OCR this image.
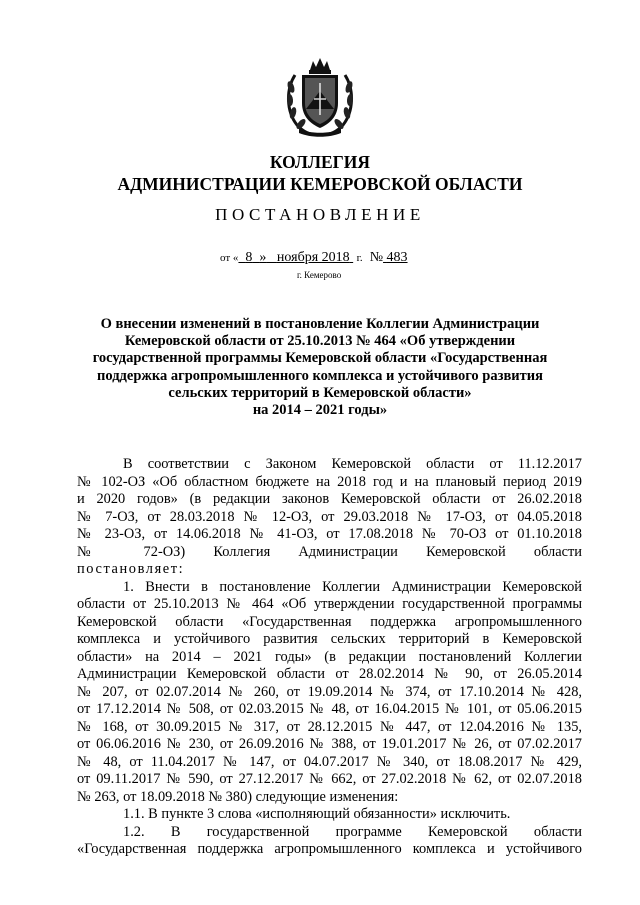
КОЛЛЕГИЯ
АДМИНИСТРАЦИИ КЕМЕРОВСКОЙ ОБЛАСТИ
ПОСТАНОВЛЕНИЕ
от « 8 » ноября 2018 г. № 483
г. Кемерово
О внесении изменений в постановление Коллегии Администрации
Кемеровской области от 25.10.2013 № 464 «Об утверждении
государственной программы Кемеровской области «Государственная
поддержка агропромышленного комплекса и устойчивого развития
сельских территорий в Кемеровской области»
на 2014 – 2021 годы»
В соответствии с Законом Кемеровской области от 11.12.2017
№ 102-ОЗ «Об областном бюджете на 2018 год и на плановый период 2019
и 2020 годов» (в редакции законов Кемеровской области от 26.02.2018
№ 7-ОЗ, от 28.03.2018 № 12-ОЗ, от 29.03.2018 № 17-ОЗ, от 04.05.2018
№ 23-ОЗ, от 14.06.2018 № 41-ОЗ, от 17.08.2018 № 70-ОЗ от 01.10.2018
№ 72-ОЗ) Коллегия Администрации Кемеровской области
постановляет:
1. Внести в постановление Коллегии Администрации Кемеровской
области от 25.10.2013 № 464 «Об утверждении государственной программы
Кемеровской области «Государственная поддержка агропромышленного
комплекса и устойчивого развития сельских территорий в Кемеровской
области» на 2014 – 2021 годы» (в редакции постановлений Коллегии
Администрации Кемеровской области от 28.02.2014 № 90, от 26.05.2014
№ 207, от 02.07.2014 № 260, от 19.09.2014 № 374, от 17.10.2014 № 428,
от 17.12.2014 № 508, от 02.03.2015 № 48, от 16.04.2015 № 101, от 05.06.2015
№ 168, от 30.09.2015 № 317, от 28.12.2015 № 447, от 12.04.2016 № 135,
от 06.06.2016 № 230, от 26.09.2016 № 388, от 19.01.2017 № 26, от 07.02.2017
№ 48, от 11.04.2017 № 147, от 04.07.2017 № 340, от 18.08.2017 № 429,
от 09.11.2017 № 590, от 27.12.2017 № 662, от 27.02.2018 № 62, от 02.07.2018
№ 263, от 18.09.2018 № 380) следующие изменения:
1.1. В пункте 3 слова «исполняющий обязанности» исключить.
1.2. В государственной программе Кемеровской области
«Государственная поддержка агропромышленного комплекса и устойчивого
